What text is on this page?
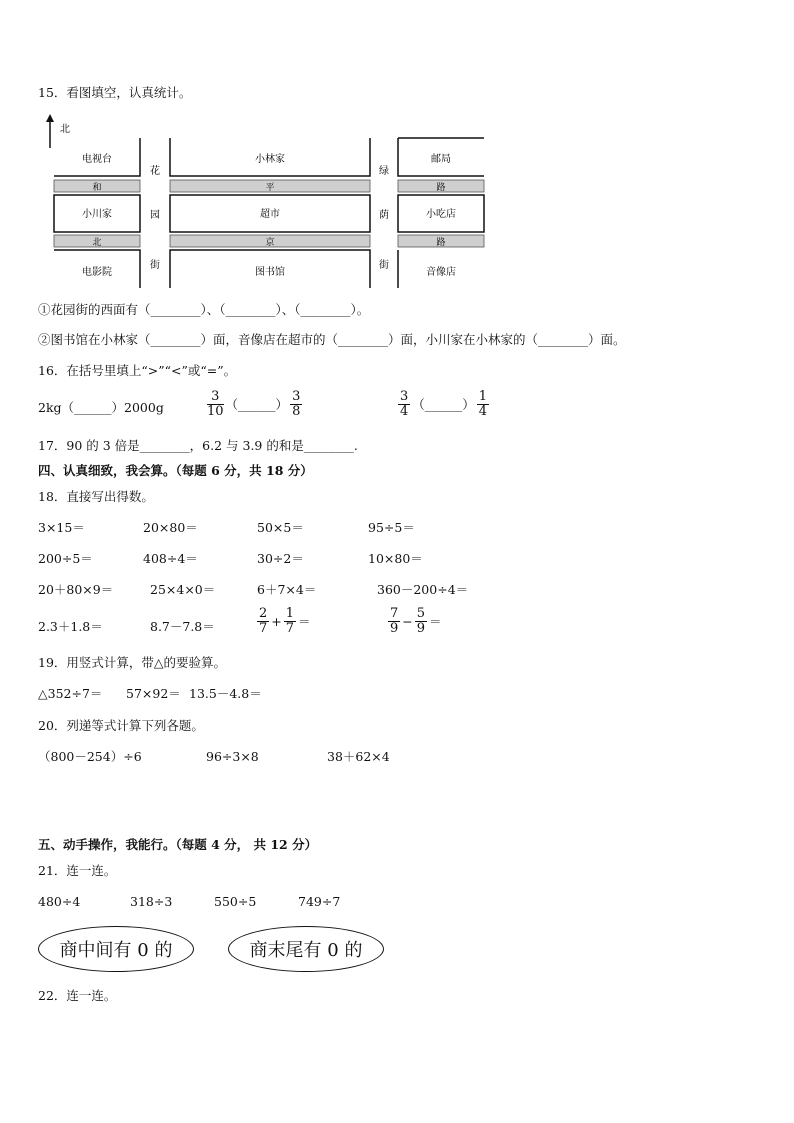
15．看图填空，认真统计。
北
电视台	小林家	邮局
小川家	超市	小吃店
电影院	图书馆	音像店
和	平	路
北	京	路
花
园
街
绿
荫
街
①花园街的西面有（________）、（________）、（________）。
②图书馆在小林家（________）面，音像店在超市的（________）面，小川家在小林家的（________）面。
16．在括号里填上“>”“<”或“=”。
2kg（______）2000g	$\frac{3}{10}$ （______） $\frac{3}{8}$	$\frac{3}{4}$ （______） $\frac{1}{4}$
17．90 的 3 倍是________，6.2 与 3.9 的和是________.
四、认真细致，我会算。（每题 6 分，共 18 分）
18．直接写出得数。
3×15＝	20×80＝	50×5＝	95÷5＝
200÷5＝	408÷4＝	30÷2＝	10×80＝
20＋80×9＝	25×4×0＝	6＋7×4＝	360－200÷4＝
2.3＋1.8＝	8.7－7.8＝	$\frac{2}{7} + \frac{1}{7}$ ＝	$\frac{7}{9} - \frac{5}{9}$ ＝
19．用竖式计算，带△的要验算。
△352÷7＝ 57×92＝ 13.5－4.8＝
20．列递等式计算下列各题。
（800－254）÷6	96÷3×8	38＋62×4
五、动手操作，我能行。（每题 4 分， 共 12 分）
21．连一连。
480÷4	318÷3	550÷5	749÷7
商中间有 0 的	商末尾有 0 的
22．连一连。
